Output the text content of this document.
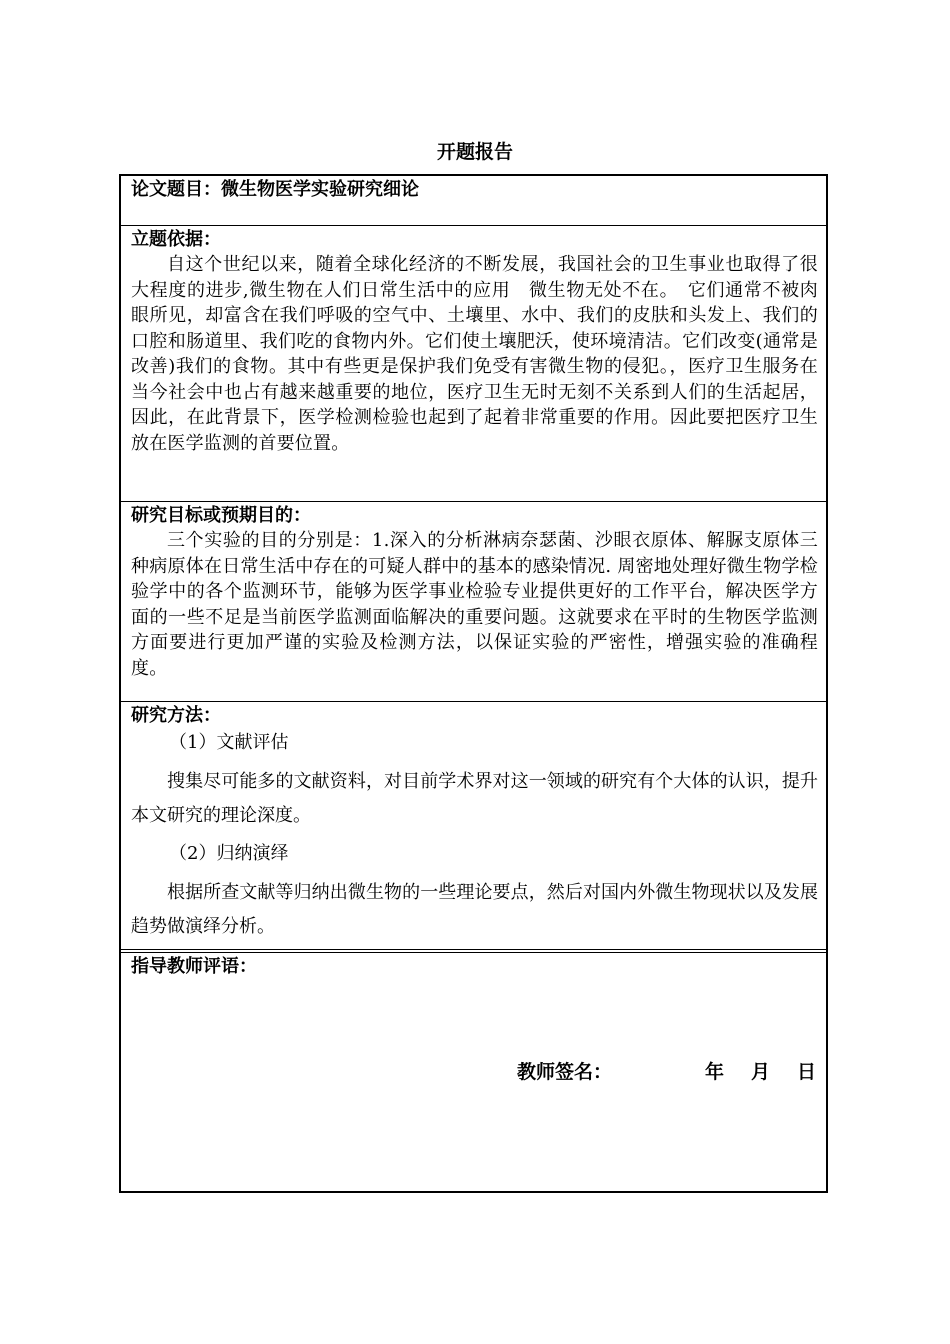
开题报告
论文题目：微生物医学实验研究细论
立题依据：
自这个世纪以来，随着全球化经济的不断发展，我国社会的卫生事业也取得了很大程度的进步,微生物在人们日常生活中的应用　微生物无处不在。　它们通常不被肉眼所见，却富含在我们呼吸的空气中、土壤里、水中、我们的皮肤和头发上、我们的　口腔和肠道里、我们吃的食物内外。它们使土壤肥沃，使环境清洁。它们改变(通常是改善)我们的食物。其中有些更是保护我们免受有害微生物的侵犯。，医疗卫生服务在当今社会中也占有越来越重要的地位，医疗卫生无时无刻不关系到人们的生活起居，因此，在此背景下，医学检测检验也起到了起着非常重要的作用。因此要把医疗卫生放在医学监测的首要位置。
研究目标或预期目的：
三个实验的目的分别是：1.深入的分析淋病奈瑟菌、沙眼衣原体、解脲支原体三种病原体在日常生活中存在的可疑人群中的基本的感染情况. 周密地处理好微生物学检验学中的各个监测环节，能够为医学事业检验专业提供更好的工作平台，解决医学方面的一些不足是当前医学监测面临解决的重要问题。这就要求在平时的生物医学监测方面要进行更加严谨的实验及检测方法，以保证实验的严密性，增强实验的准确程度。
研究方法：
（1）文献评估
搜集尽可能多的文献资料，对目前学术界对这一领域的研究有个大体的认识，提升本文研究的理论深度。
（2）归纳演绎
根据所查文献等归纳出微生物的一些理论要点，然后对国内外微生物现状以及发展趋势做演绎分析。
指导教师评语：
教师签名：	年 月 日
